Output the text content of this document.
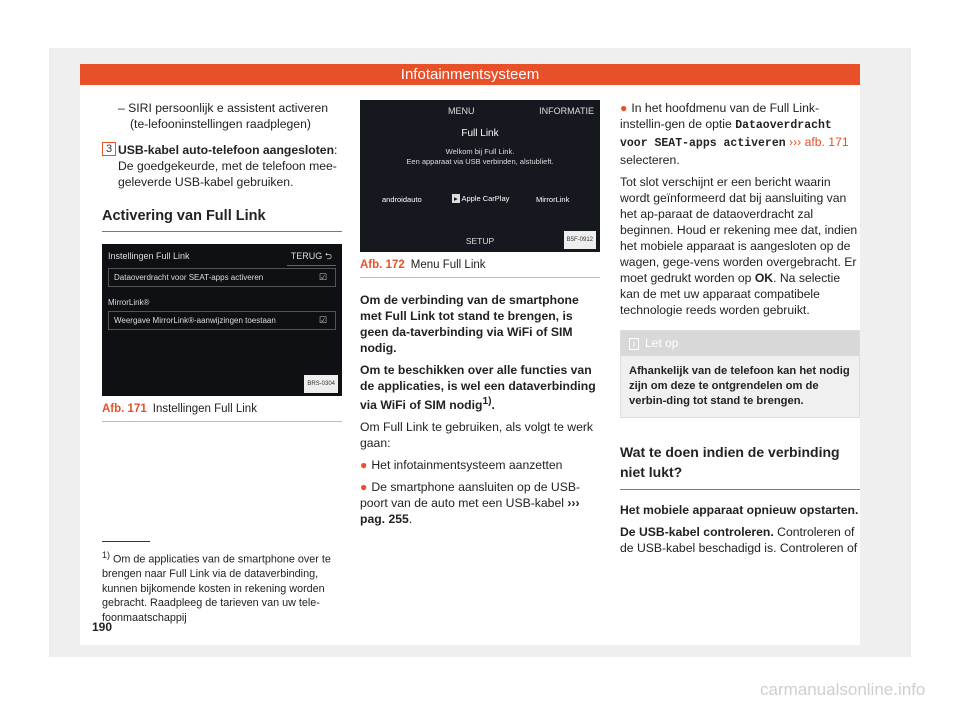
Infotainmentsysteem

– SIRI persoonlijk e assistent activeren (te-lefooninstellingen raadplegen)

3 USB-kabel auto-telefoon aangesloten: De goedgekeurde, met de telefoon mee-geleverde USB-kabel gebruiken.
Activering van Full Link
Instellingen Full Link	TERUG ⮌
Dataoverdracht voor SEAT-apps activeren	☑
MirrorLink®
Weergave MirrorLink®-aanwijzingen toestaan	☑
BRS-0304
Afb. 171 Instellingen Full Link
$^{1)}$ Om de applicaties van de smartphone over te brengen naar Full Link via de dataverbinding, kunnen bijkomende kosten in rekening worden gebracht. Raadpleeg de tarieven van uw tele-foonmaatschappij
190
MENU	INFORMATIE
Full Link
Welkom bij Full Link.
Een apparaat via USB verbinden, alstublieft.
androidauto	▸ Apple CarPlay	MirrorLink
SETUP	B5F-0912
Afb. 172 Menu Full Link

Om de verbinding van de smartphone met Full Link tot stand te brengen, is geen da-taverbinding via WiFi of SIM nodig.

Om te beschikken over alle functies van de applicaties, is wel een dataverbinding via WiFi of SIM nodig$^{1)}$.

Om Full Link te gebruiken, als volgt te werk gaan:

● Het infotainmentsysteem aanzetten

● De smartphone aansluiten op de USB-poort van de auto met een USB-kabel ››› pag. 255.

● In het hoofdmenu van de Full Link-instellin-gen de optie Dataoverdracht voor SEAT-apps activeren ››› afb. 171 selecteren.

Tot slot verschijnt er een bericht waarin wordt geïnformeerd dat bij aansluiting van het ap-paraat de dataoverdracht zal beginnen. Houd er rekening mee dat, indien het mobiele apparaat is aangesloten op de wagen, gege-vens worden overgebracht. Er moet gedrukt worden op OK. Na selectie kan de met uw apparaat compatibele technologie reeds worden gebruikt.

i Let op
Afhankelijk van de telefoon kan het nodig zijn om deze te ontgrendelen om de verbin-ding tot stand te brengen.
Wat te doen indien de verbinding niet lukt?

Het mobiele apparaat opnieuw opstarten.

De USB-kabel controleren. Controleren of de USB-kabel beschadigd is. Controleren of

carmanualsonline.info
